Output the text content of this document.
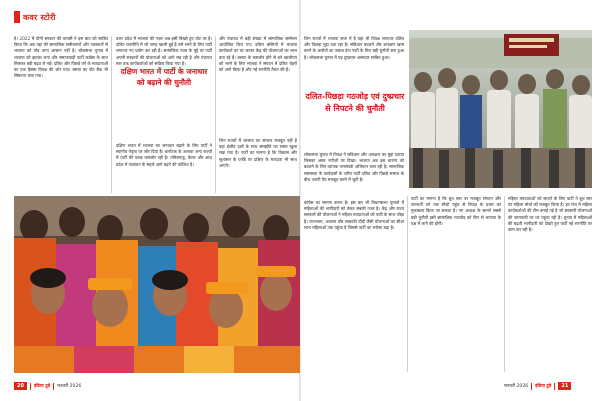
कवर स्टोरी
है। 2022 में योगी सरकार की वापसी ने इस बात को साबित किया कि अब यहां की सामाजिक समीकरणों और गठबंधनों से भाजपा को तोड़ पाना आसान नहीं है। लोकसभा चुनाव में भाजपा को झटका लगा और समाजवादी पार्टी कांग्रेस के साथ मिलकर बड़ी बढ़त ले गई। दलित और पिछड़े वर्ग के मतदाताओं का एक हिस्सा विपक्ष की ओर गया। बसपा का वोट बैंक भी सिमटता चला गया।
उत्तर प्रदेश में भाजपा की नज़र अब इसी बिखरे हुए वोट पर है। दलित राजनीति में जो जगह खाली हुई है उसे भरने के लिए पार्टी लगातार नए प्रयोग कर रही है। सामाजिक न्याय के मुद्दे पर पार्टी अपनी सरकारों की योजनाओं को आगे रख रही है और पंचायत स्तर तक कार्यकर्ताओं को सक्रिय किया गया है।
दक्षिण भारत में पार्टी के जनाधार को बढ़ाने की चुनौती
दक्षिण भारत में भाजपा का जनाधार बढ़ाने के लिए पार्टी ने स्थानीय नेतृत्व पर जोर दिया है। कर्नाटक के अलावा अन्य राज्यों में पार्टी की पकड़ कमजोर रही है। तमिलनाडु, केरल और आंध्र प्रदेश में गठबंधन के सहारे आगे बढ़ने की कोशिश है।
और पंचायत में बड़ी संख्या में सामाजिक सम्मेलन आयोजित किए गए। दलित बस्तियों में भाजपा कार्यकर्ता घर घर जाकर केंद्र की योजनाओं का लाभ बता रहे हैं। बसपा के कमजोर होने से बने खालीपन को भरने के लिए भाजपा ने संगठन में दलित चेहरों को आगे किया है और नई रणनीति तैयार की है।
जिन राज्यों में भाजपा का संगठन मजबूत नहीं है वहां क्षेत्रीय दलों के साथ समझौते का रास्ता खुला रखा गया है। पार्टी का मानना है कि विकास और सुशासन के एजेंडे पर दक्षिण के मतदाता भी साथ आएंगे।
जिन राज्यों में भाजपा सत्ता में है वहां भी विपक्ष लगातार दलित और पिछड़ा मुद्दा उठा रहा है। संविधान बदलने और आरक्षण खत्म करने के आरोपों का जवाब देना पार्टी के लिए बड़ी चुनौती बना हुआ है। लोकसभा चुनाव में यह दुष्प्रचार असरदार साबित हुआ।
दलित-पिछड़ा गठजोड़ एवं दुष्प्रचार से निपटने की चुनौती
लोकसभा चुनाव में विपक्ष ने संविधान और आरक्षण का मुद्दा उठाया जिसका असर नतीजों पर दिखा। भाजपा अब इस धारणा को बदलने के लिए व्यापक जनसंपर्क अभियान चला रही है। सामाजिक समरसता के कार्यक्रमों के जरिए पार्टी दलित और पिछड़े समाज के बीच अपनी पैठ मजबूत करने में जुटी है।
कांग्रेस का सामना करना है। इस बार भी विधानसभा चुनावों में महिलाओं की भागीदारी को लेकर सबकी नजर है। केंद्र और राज्य सरकारों की योजनाओं ने महिला मतदाताओं को पार्टी के साथ जोड़ा है। उज्ज्वला, आवास और लखपति दीदी जैसी योजनाओं का सीधा लाभ महिलाओं तक पहुंचा है जिससे पार्टी का भरोसा बढ़ा है।
पार्टी का मानना है कि बूथ स्तर पर मजबूत संगठन और लाभार्थी वर्ग तक सीधी पहुंच से विपक्ष के प्रचार का मुकाबला किया जा सकता है। नए अध्यक्ष के सामने सबसे बड़ी चुनौती इसी सामाजिक गठजोड़ को फिर से भाजपा के पक्ष में लाने की होगी।
महिला मतदाताओं को साधने के लिए पार्टी ने बूथ स्तर पर महिला मोर्चा को मजबूत किया है। हर गांव में महिला कार्यकर्ताओं की टीम बनाई गई है जो सरकारी योजनाओं की जानकारी घर घर पहुंचा रही है। चुनाव में महिलाओं की बढ़ती भागीदारी को देखते हुए पार्टी नई रणनीति पर काम कर रही है।
20	इंडिया टुडे फरवरी 2026	फरवरी 2026 इंडिया टुडे	21
